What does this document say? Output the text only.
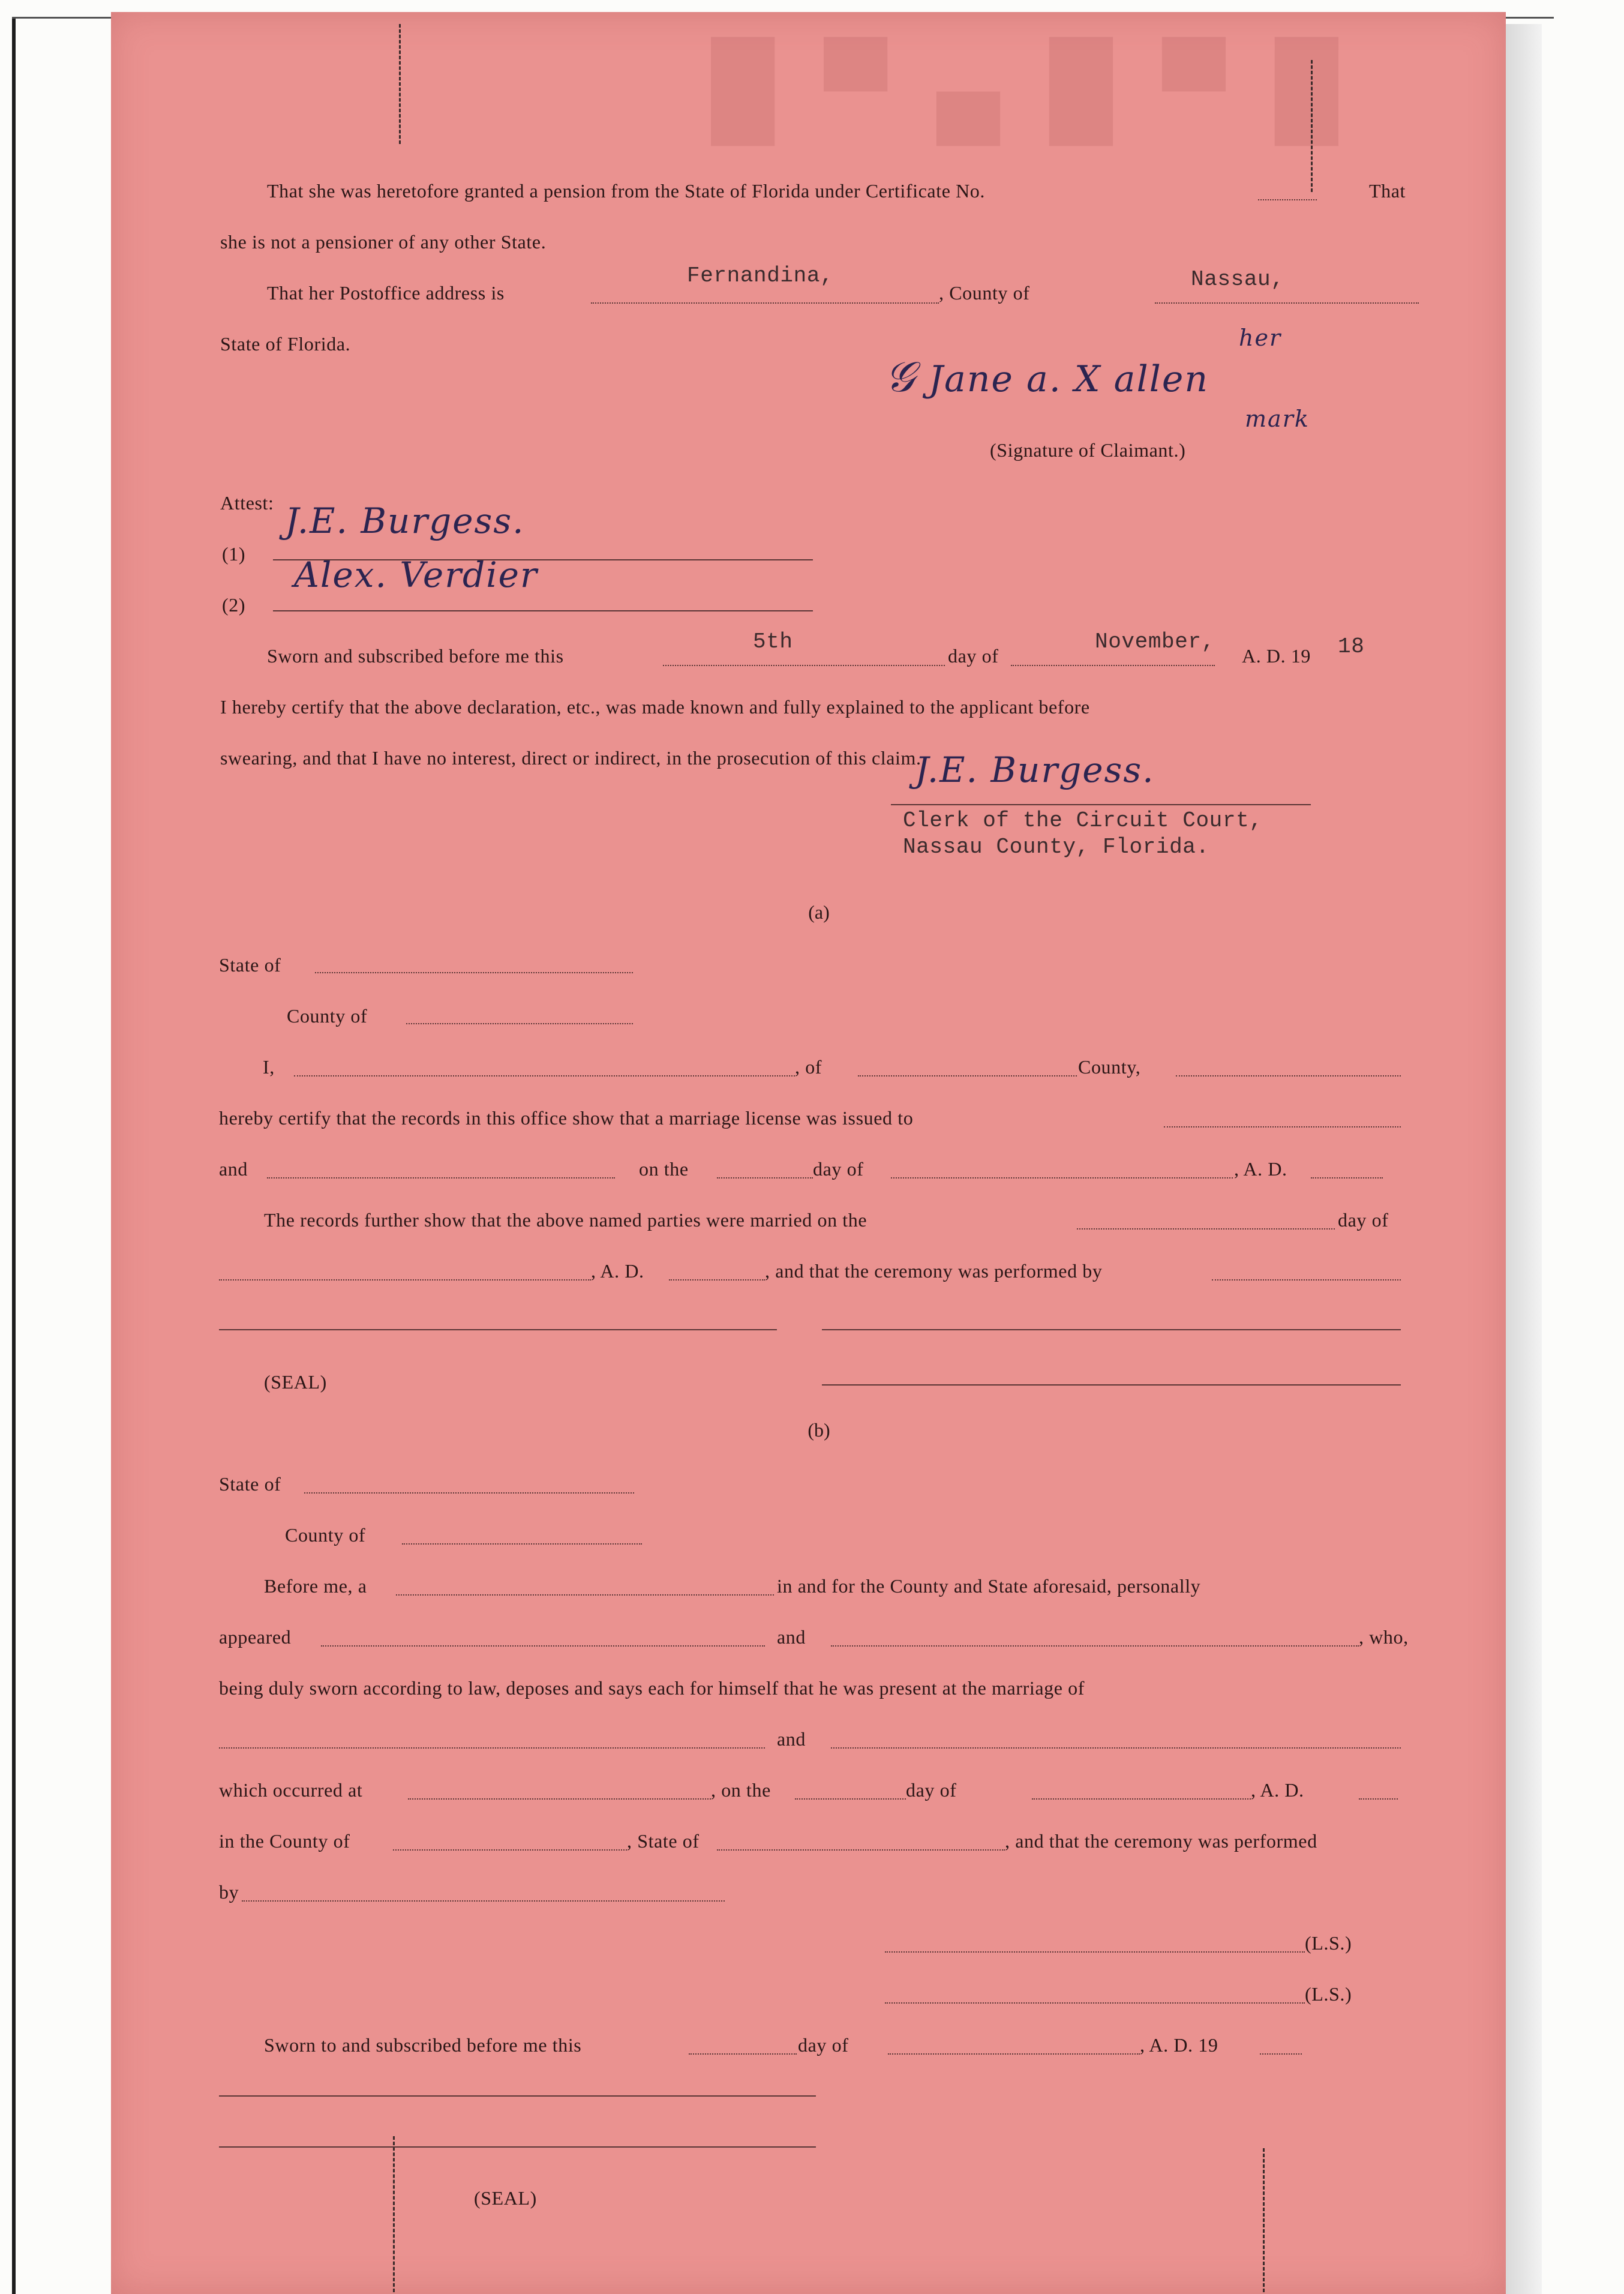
█ ▀ ▄ █ ▀ █
That she was heretofore granted a pension from the State of Florida under Certificate No.	That
she is not a pensioner of any other State.
That her Postoffice address is
Fernandina,
, County of
Nassau,
State of Florida.
𝒢 Jane a. X allen
her
mark
(Signature of Claimant.)
Attest:
(1)
J.E. Burgess.
(2)
Alex. Verdier
Sworn and subscribed before me this
5th
day of
November,
A. D. 19 18
I hereby certify that the above declaration, etc., was made known and fully explained to the applicant before
swearing, and that I have no interest, direct or indirect, in the prosecution of this claim.
J.E. Burgess.
Clerk of the Circuit Court,
Nassau County, Florida.
(a)
State of
County of
I,	, of	County,
hereby certify that the records in this office show that a marriage license was issued to
and	on the	day of	, A. D.
The records further show that the above named parties were married on the	day of
, A. D.	, and that the ceremony was performed by
(SEAL)
(b)
State of
County of
Before me, a	in and for the County and State aforesaid, personally
appeared	and	, who,
being duly sworn according to law, deposes and says each for himself that he was present at the marriage of
and
which occurred at	, on the	day of	, A. D.
in the County of	, State of	, and that the ceremony was performed
by
(L.S.)
(L.S.)
Sworn to and subscribed before me this	day of	, A. D. 19
(SEAL)
